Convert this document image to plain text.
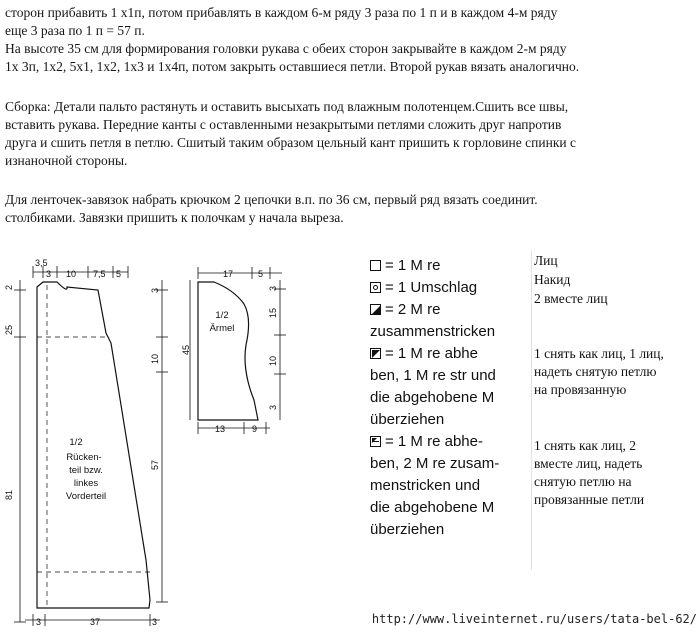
сторон прибавить 1 х1п, потом прибавлять в каждом 6-м ряду 3 раза по 1 п и в каждом 4-м ряду

еще 3 раза по 1 п = 57 п.

На высоте 35 см для формирования головки рукава с обеих сторон закрывайте в каждом 2-м ряду

1х 3п, 1х2, 5х1, 1х2, 1х3 и 1х4п, потом закрыть оставшиеся петли. Второй рукав вязать аналогично.

Сборка: Детали пальто растянуть и оставить высыхать под влажным полотенцем.Сшить все швы,

вставить рукава. Передние канты с оставленными незакрытыми петлями сложить друг напротив

друга и сшить петля в петлю. Сшитый таким образом цельный кант пришить к горловине спинки с

изнаночной стороны.

Для ленточек-завязок набрать крючком 2 цепочки в.п. по 36 см, первый ряд вязать соединит.

столбиками. Завязки пришить к полочкам у начала выреза.

3,5
3 10 7,5 5
2
25
81
3
10
57
3	37	3
1/2
Rücken-
teil bzw.
linkes
Vorderteil
17	5
45
3
15
10
3
13	9
1/2
Ärmel
= 1 M re
= 1 Umschlag
= 2 M re
zusammenstricken
= 1 M re abhe
ben, 1 M re str und
die abgehobene M
überziehen
= 1 M re abhe-
ben, 2 M re zusam-
menstricken und
die abgehobene M
überziehen
Лиц
Накид
2 вместе лиц
1 снять как лиц, 1 лиц,
надеть снятую петлю
на провязанную
1 снять как лиц, 2
вместе лиц, надеть
снятую петлю на
провязанные петли
http://www.liveinternet.ru/users/tata-bel-62/
